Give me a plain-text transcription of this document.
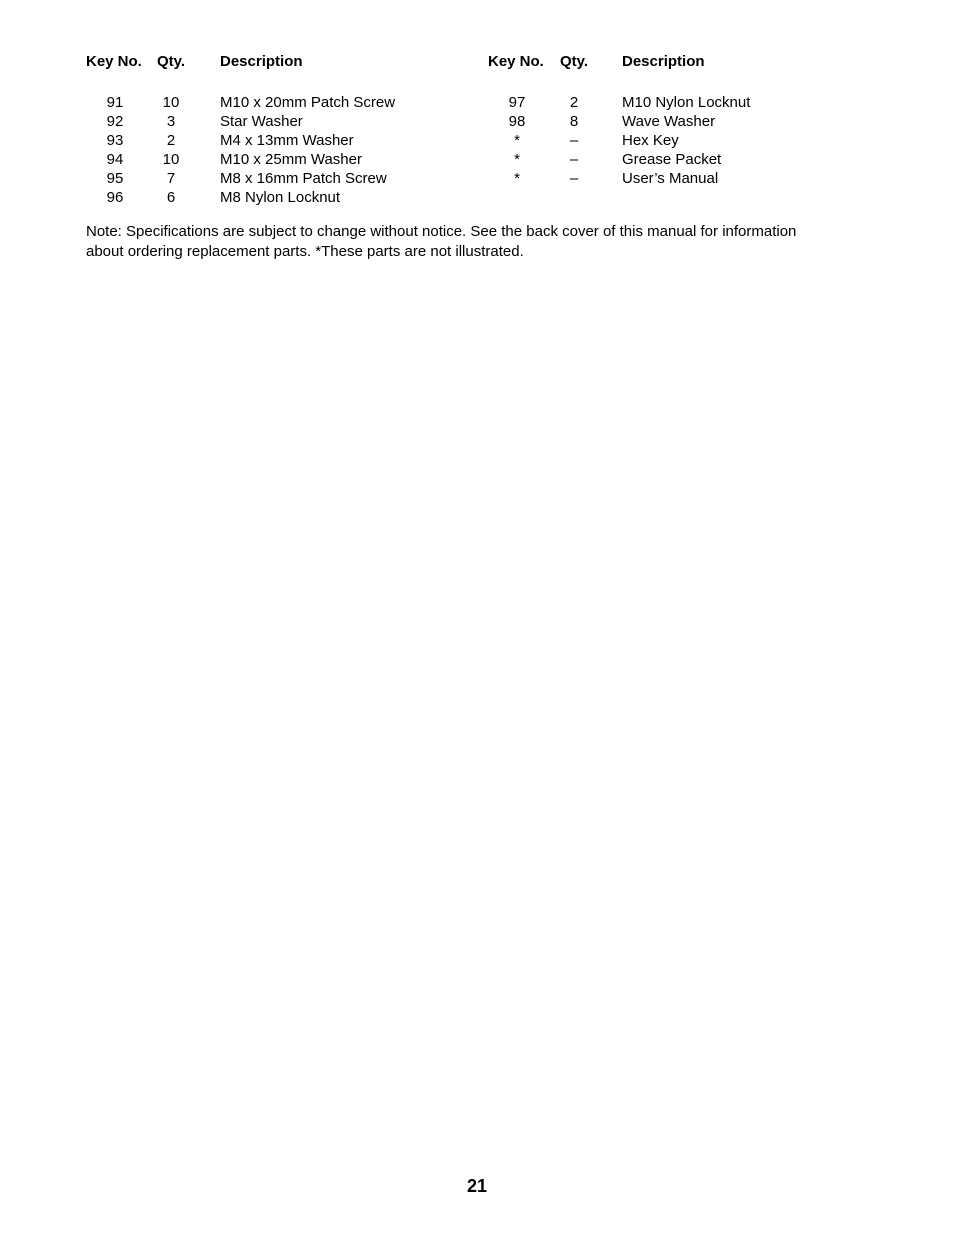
Key No. Qty. Description
91	10	M10 x 20mm Patch Screw
92	3	Star Washer
93	2	M4 x 13mm Washer
94	10	M10 x 25mm Washer
95	7	M8 x 16mm Patch Screw
96	6	M8 Nylon Locknut
Key No. Qty. Description
97	2	M10 Nylon Locknut
98	8	Wave Washer
*	–	Hex Key
*	–	Grease Packet
*	–	User’s Manual
Note: Specifications are subject to change without notice. See the back cover of this manual for information
about ordering replacement parts. *These parts are not illustrated.
21
